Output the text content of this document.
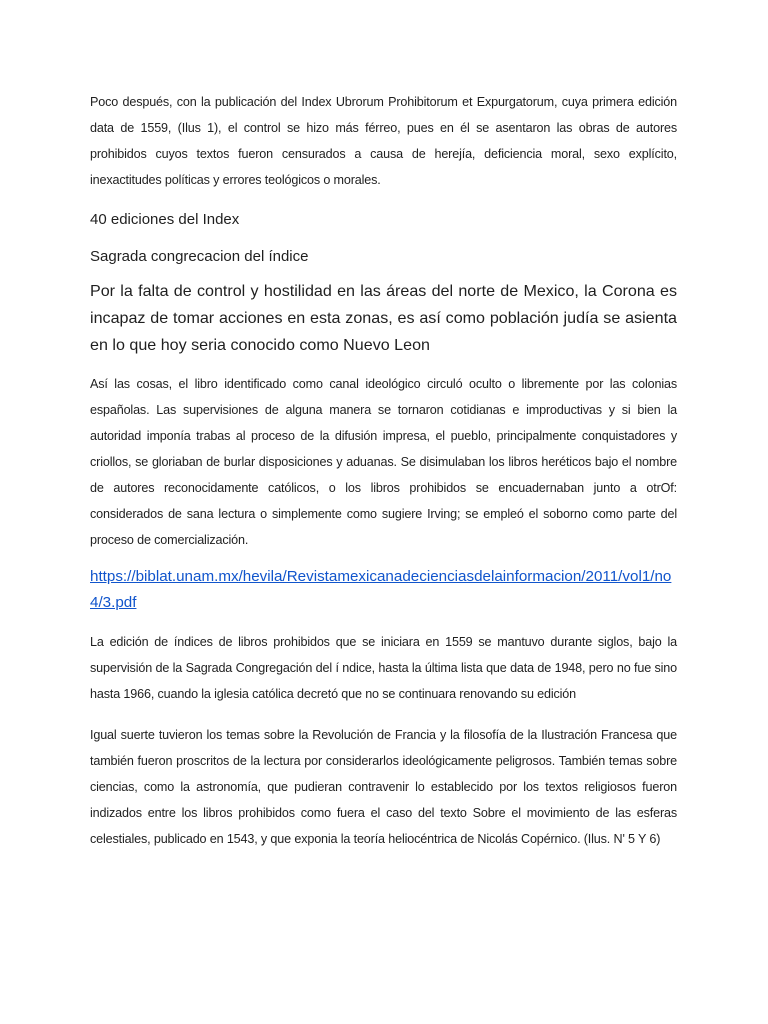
Poco después, con la publicación del Index Ubrorum Prohibitorum et Expurgatorum, cuya primera edición data de 1559, (Ilus 1), el control se hizo más férreo, pues en él se asentaron las obras de autores prohibidos cuyos textos fueron censurados a causa de herejía, deficiencia moral, sexo explícito, inexactitudes políticas y errores teológicos o morales.

40 ediciones del Index

Sagrada congrecacion del índice

Por la falta de control y hostilidad en las áreas del norte de Mexico, la Corona es incapaz de tomar acciones en esta zonas, es así como población judía se asienta en lo que hoy seria conocido como Nuevo Leon

Así las cosas, el libro identificado como canal ideológico circuló oculto o libremente por las colonias españolas. Las supervisiones de alguna manera se tornaron cotidianas e improductivas y si bien la autoridad imponía trabas al proceso de la difusión impresa, el pueblo, principalmente conquistadores y criollos, se gloriaban de burlar disposiciones y aduanas. Se disimulaban los libros heréticos bajo el nombre de autores reconocidamente católicos, o los libros prohibidos se encuadernaban junto a otrOf: considerados de sana lectura o simplemente como sugiere Irving; se empleó el soborno como parte del proceso de comercialización.

https://biblat.unam.mx/hevila/Revistamexicanadecienciasdelainformacion/2011/vol1/no4/3.pdf

La edición de índices de libros prohibidos que se iniciara en 1559 se mantuvo durante siglos, bajo la supervisión de la Sagrada Congregación del í ndice, hasta la última lista que data de 1948, pero no fue sino hasta 1966, cuando la iglesia católica decretó que no se continuara renovando su edición

Igual suerte tuvieron los temas sobre la Revolución de Francia y la filosofía de la Ilustración Francesa que también fueron proscritos de la lectura por considerarlos ideológicamente peligrosos. También temas sobre ciencias, como la astronomía, que pudieran contravenir lo establecido por los textos religiosos fueron indizados entre los libros prohibidos como fuera el caso del texto Sobre el movimiento de las esferas celestiales, publicado en 1543, y que exponia la teoría heliocéntrica de Nicolás Copérnico. (Ilus. N' 5 Y 6)
